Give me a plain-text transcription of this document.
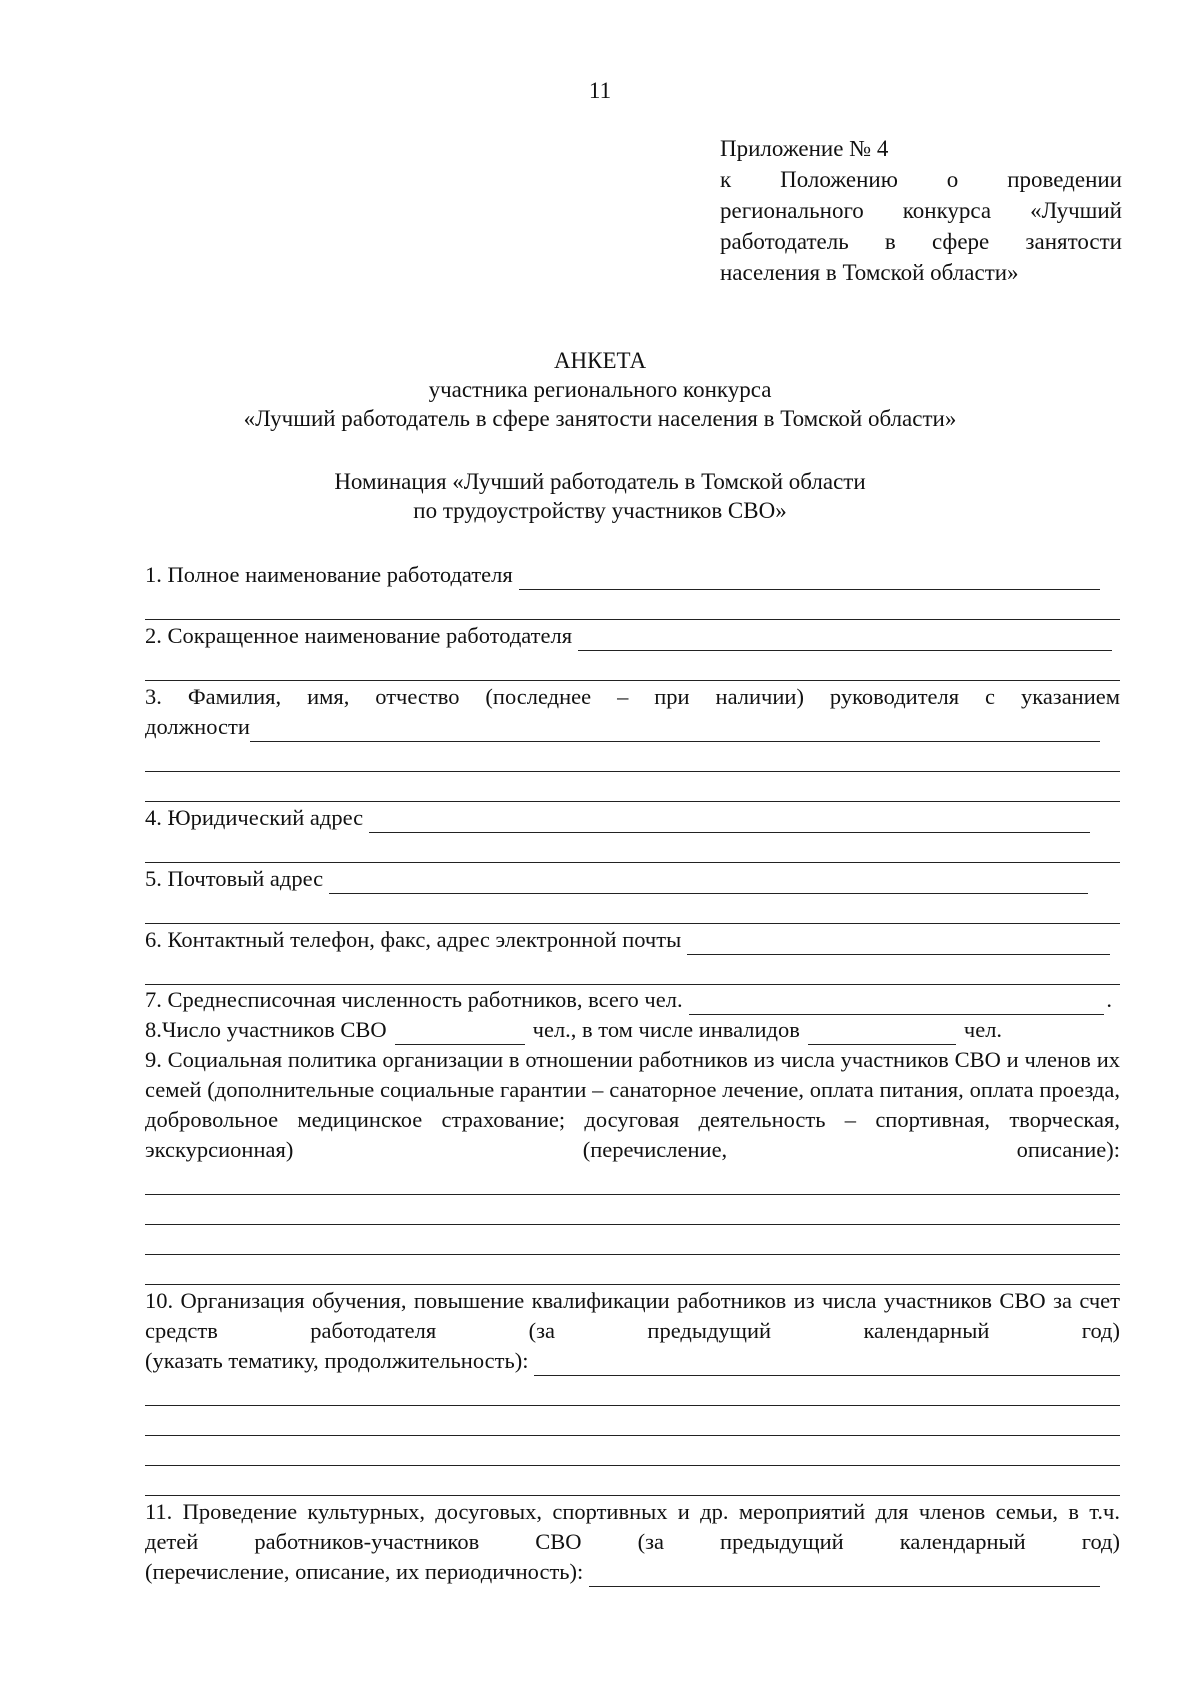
11
Приложение № 4
к Положению о проведении регионального конкурса «Лучший работодатель в сфере занятости населения в Томской области»
АНКЕТА
участника регионального конкурса
«Лучший работодатель в сфере занятости населения в Томской области»
Номинация «Лучший работодатель в Томской области
по трудоустройству участников СВО»
1. Полное наименование работодателя
2. Сокращенное наименование работодателя
3. Фамилия, имя, отчество (последнее – при наличии) руководителя с указанием
должности
4. Юридический адрес
5. Почтовый адрес
6. Контактный телефон, факс, адрес электронной почты
7. Среднесписочная численность работников, всего чел.	.
8.Число участников СВО	чел., в том числе инвалидов	чел.
9. Социальная политика организации в отношении работников из числа участников СВО и членов их семей (дополнительные социальные гарантии – санаторное лечение, оплата питания, оплата проезда, добровольное медицинское страхование; досуговая деятельность – спортивная, творческая, экскурсионная) (перечисление, описание):
10. Организация обучения, повышение квалификации работников из числа участников СВО за счет средств работодателя (за предыдущий календарный год)
(указать тематику, продолжительность):
11. Проведение культурных, досуговых, спортивных и др. мероприятий для членов семьи, в т.ч. детей работников-участников СВО (за предыдущий календарный год)
(перечисление, описание, их периодичность):
